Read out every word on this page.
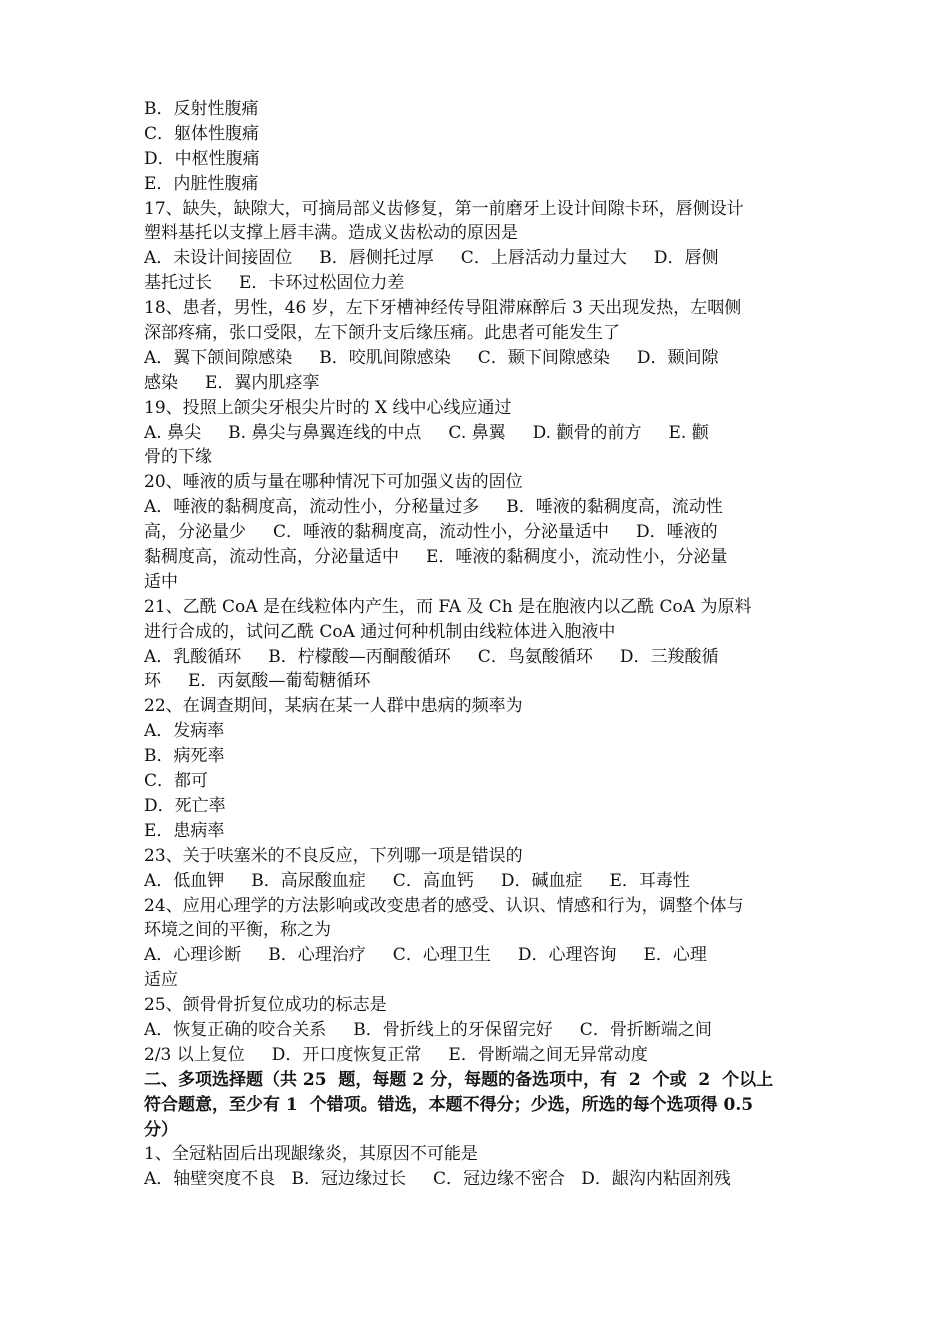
B．反射性腹痛
C．躯体性腹痛
D．中枢性腹痛
E．内脏性腹痛
17、缺失，缺隙大，可摘局部义齿修复，第一前磨牙上设计间隙卡环，唇侧设计
塑料基托以支撑上唇丰满。造成义齿松动的原因是
A．未设计间接固位     B．唇侧托过厚     C．上唇活动力量过大     D．唇侧
基托过长     E．卡环过松固位力差
18、患者，男性，46 岁，左下牙槽神经传导阻滞麻醉后 3 天出现发热，左咽侧
深部疼痛，张口受限，左下颌升支后缘压痛。此患者可能发生了
A．翼下颌间隙感染     B．咬肌间隙感染     C．颞下间隙感染     D．颞间隙
感染     E．翼内肌痉挛
19、投照上颌尖牙根尖片时的 X 线中心线应通过
A. 鼻尖     B. 鼻尖与鼻翼连线的中点     C. 鼻翼     D. 颧骨的前方     E. 颧
骨的下缘
20、唾液的质与量在哪种情况下可加强义齿的固位
A．唾液的黏稠度高，流动性小，分秘量过多     B．唾液的黏稠度高，流动性
高，分泌量少     C．唾液的黏稠度高，流动性小，分泌量适中     D．唾液的
黏稠度高，流动性高，分泌量适中     E．唾液的黏稠度小，流动性小，分泌量
适中
21、乙酰 CoA 是在线粒体内产生，而 FA 及 Ch 是在胞液内以乙酰 CoA 为原料
进行合成的，试问乙酰 CoA 通过何种机制由线粒体进入胞液中
A．乳酸循环     B．柠檬酸—丙酮酸循环     C．鸟氨酸循环     D．三羧酸循
环     E．丙氨酸—葡萄糖循环
22、在调查期间，某病在某一人群中患病的频率为
A．发病率
B．病死率
C．都可
D．死亡率
E．患病率
23、关于呋塞米的不良反应，下列哪一项是错误的
A．低血钾     B．高尿酸血症     C．高血钙     D．碱血症     E．耳毒性
24、应用心理学的方法影响或改变患者的感受、认识、情感和行为，调整个体与
环境之间的平衡，称之为
A．心理诊断     B．心理治疗     C．心理卫生     D．心理咨询     E．心理
适应
25、颌骨骨折复位成功的标志是
A．恢复正确的咬合关系     B．骨折线上的牙保留完好     C．骨折断端之间
2/3 以上复位     D．开口度恢复正常     E．骨断端之间无异常动度
二、多项选择题（共 25  题，每题 2 分，每题的备选项中，有  2  个或  2  个以上
符合题意，至少有 1  个错项。错选，本题不得分；少选，所选的每个选项得 0.5
分）
1、全冠粘固后出现龈缘炎，其原因不可能是
A．轴壁突度不良   B．冠边缘过长     C．冠边缘不密合   D．龈沟内粘固剂残
